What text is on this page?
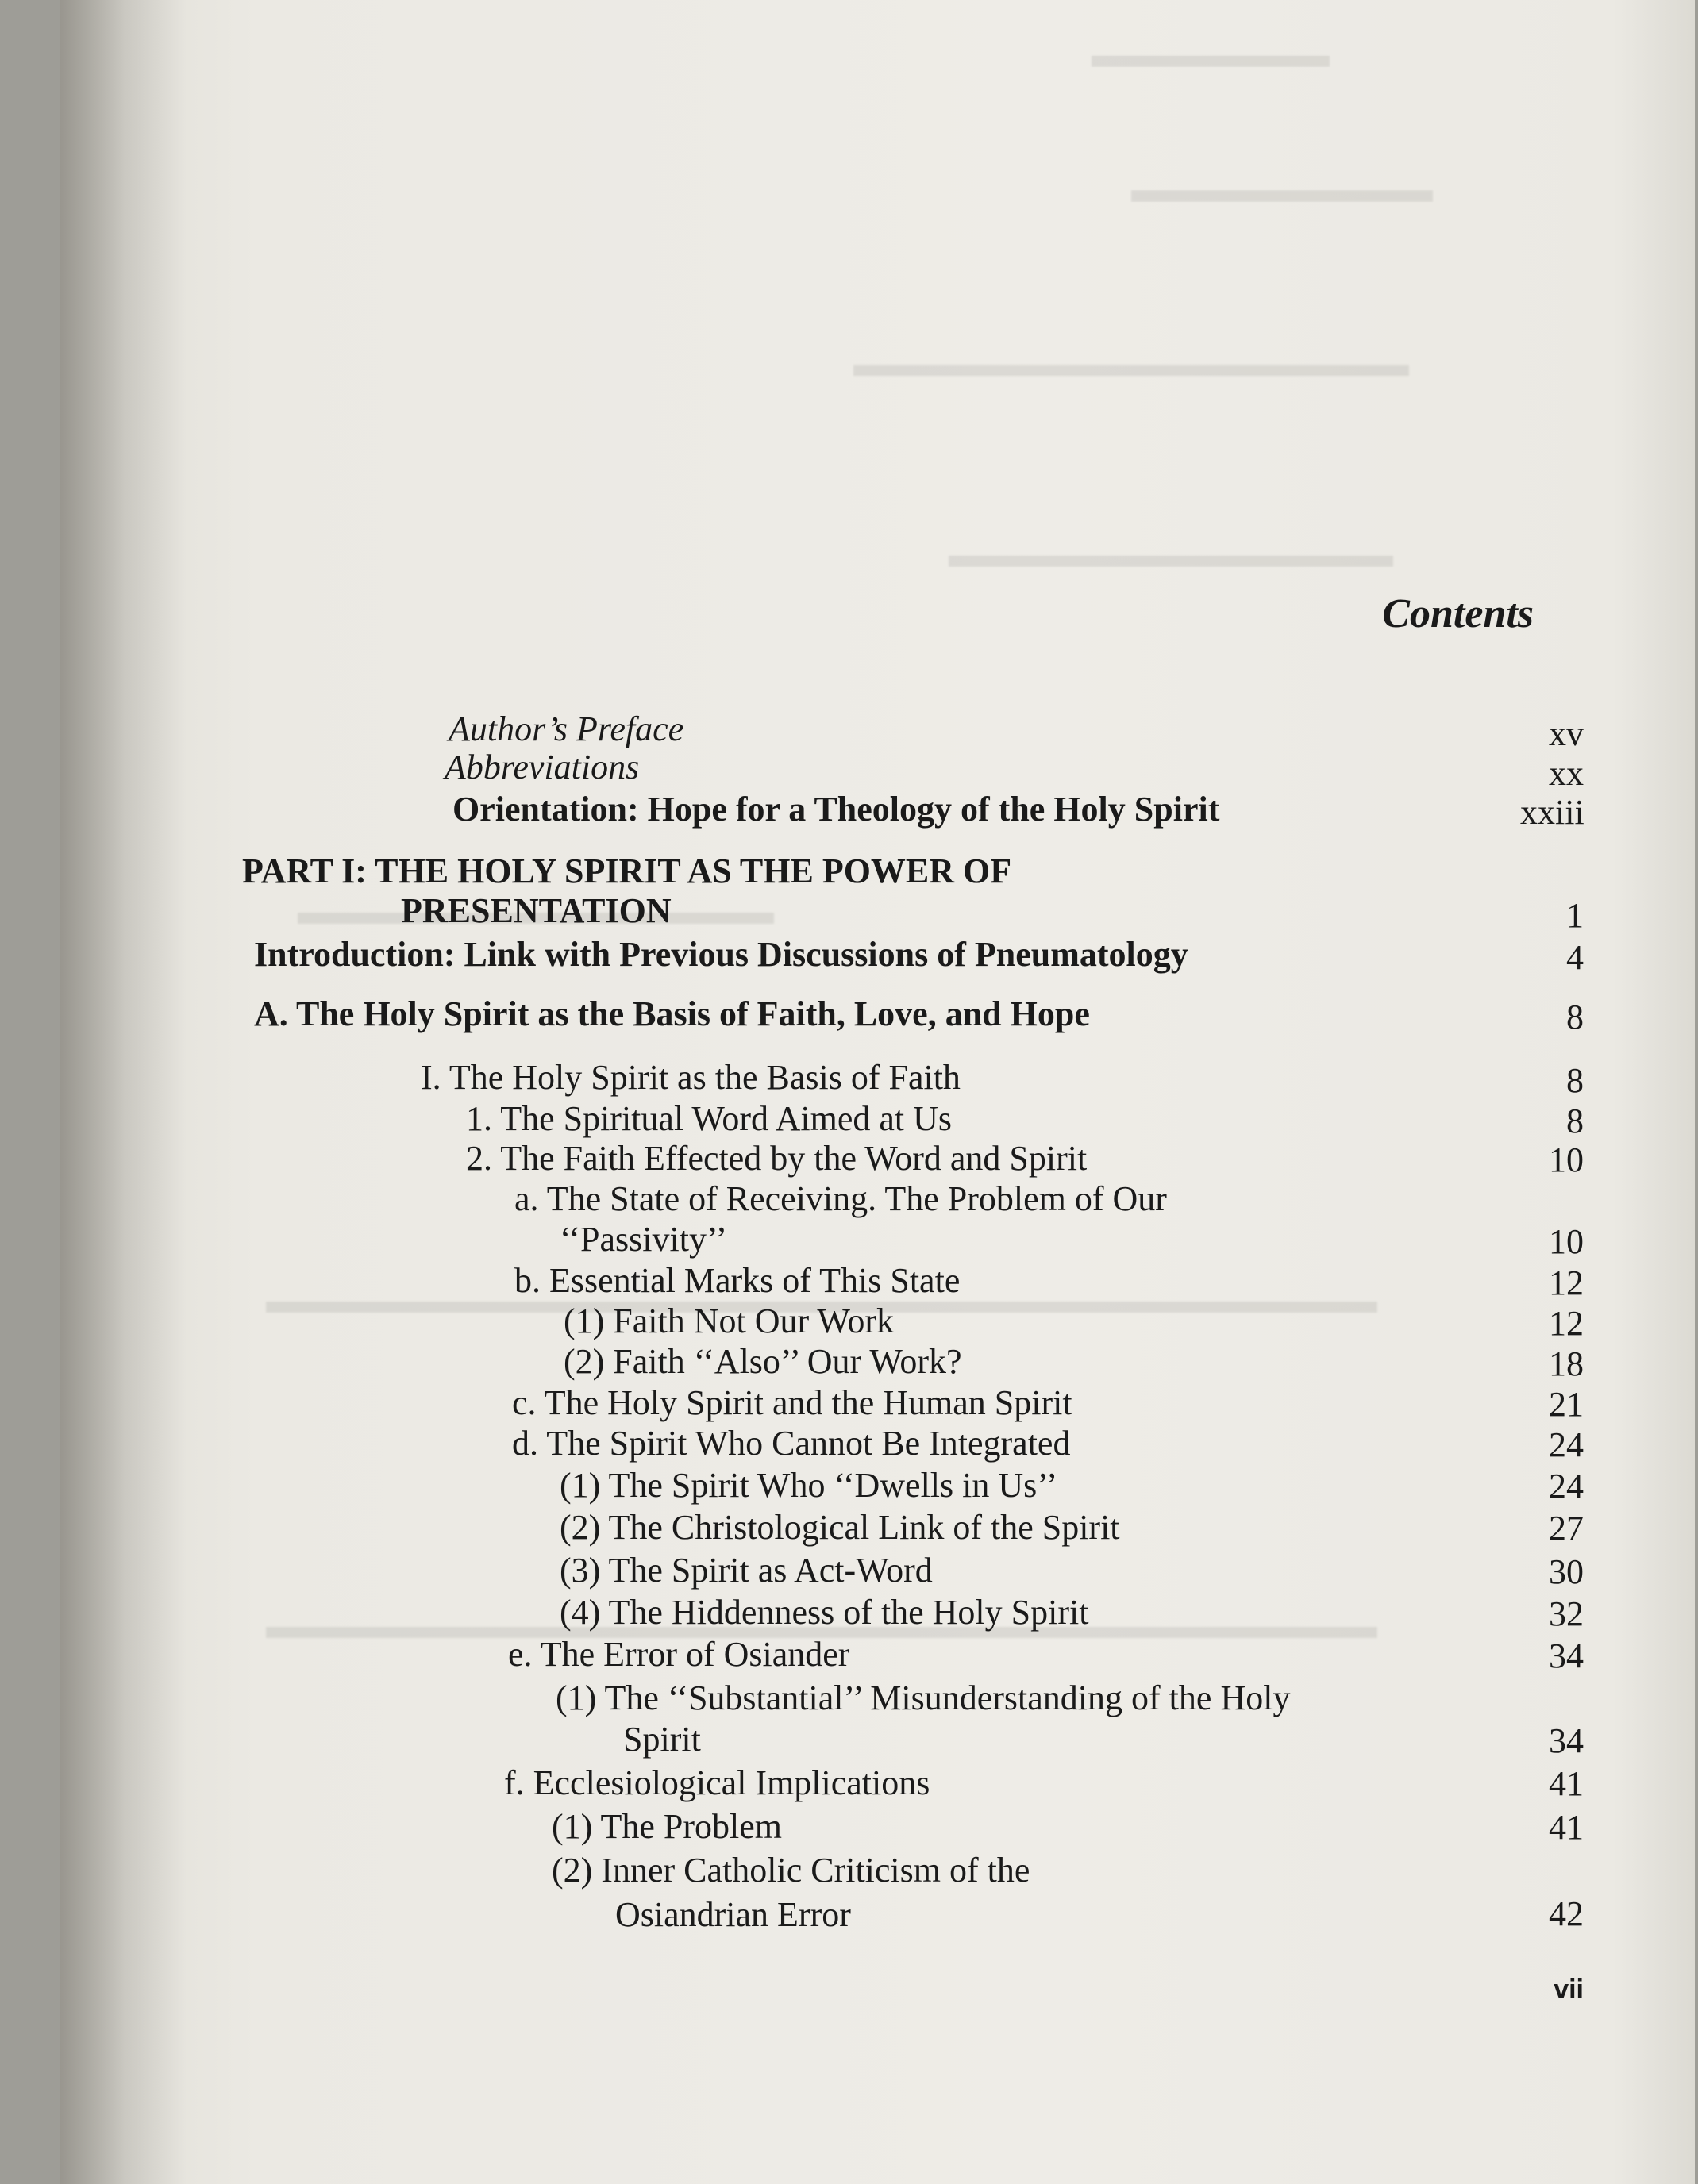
Contents
Author’s Preface	xv
Abbreviations	xx
Orientation: Hope for a Theology of the Holy Spirit	xxiii
PART I: THE HOLY SPIRIT AS THE POWER OF
PRESENTATION	1
Introduction: Link with Previous Discussions of Pneumatology	4
A. The Holy Spirit as the Basis of Faith, Love, and Hope	8
I. The Holy Spirit as the Basis of Faith	8
1. The Spiritual Word Aimed at Us	8
2. The Faith Effected by the Word and Spirit	10
a. The State of Receiving. The Problem of Our
‘‘Passivity’’	10
b. Essential Marks of This State	12
(1) Faith Not Our Work	12
(2) Faith ‘‘Also’’ Our Work?	18
c. The Holy Spirit and the Human Spirit	21
d. The Spirit Who Cannot Be Integrated	24
(1) The Spirit Who ‘‘Dwells in Us’’	24
(2) The Christological Link of the Spirit	27
(3) The Spirit as Act-Word	30
(4) The Hiddenness of the Holy Spirit	32
e. The Error of Osiander	34
(1) The ‘‘Substantial’’ Misunderstanding of the Holy
Spirit	34
f. Ecclesiological Implications	41
(1) The Problem	41
(2) Inner Catholic Criticism of the
Osiandrian Error	42
vii
